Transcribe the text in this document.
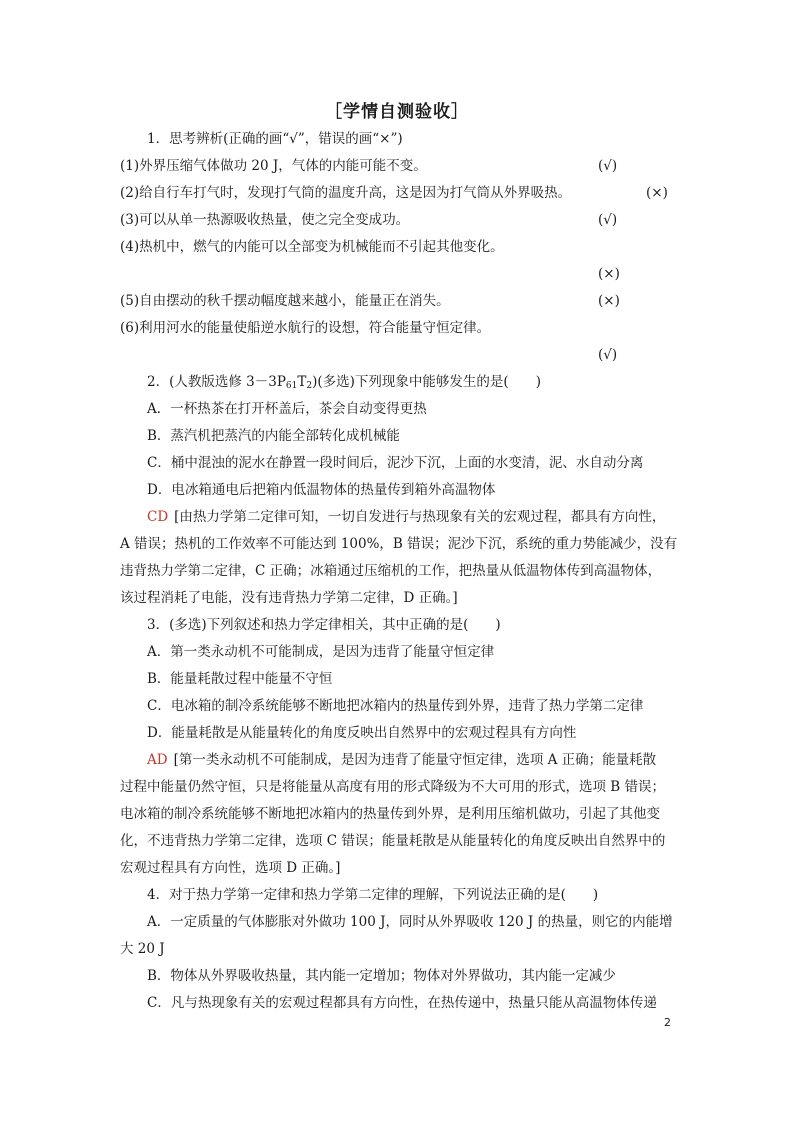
［学情自测验收］
1．思考辨析(正确的画“√”，错误的画“×”)
(1)外界压缩气体做功 20 J，气体的内能可能不变。	(√)
(2)给自行车打气时，发现打气筒的温度升高，这是因为打气筒从外界吸热。	(×)
(3)可以从单一热源吸收热量，使之完全变成功。	(√)
(4)热机中，燃气的内能可以全部变为机械能而不引起其他变化。
(×)
(5)自由摆动的秋千摆动幅度越来越小，能量正在消失。	(×)
(6)利用河水的能量使船逆水航行的设想，符合能量守恒定律。
(√)
2．(人教版选修 $3-3P_{61}T_2$)(多选)下列现象中能够发生的是(　　)
A．一杯热茶在打开杯盖后，茶会自动变得更热
B．蒸汽机把蒸汽的内能全部转化成机械能
C．桶中混浊的泥水在静置一段时间后，泥沙下沉，上面的水变清，泥、水自动分离
D．电冰箱通电后把箱内低温物体的热量传到箱外高温物体
CD [由热力学第二定律可知，一切自发进行与热现象有关的宏观过程，都具有方向性，
A 错误；热机的工作效率不可能达到 100%，B 错误；泥沙下沉，系统的重力势能减少，没有
违背热力学第二定律，C 正确；冰箱通过压缩机的工作，把热量从低温物体传到高温物体，
该过程消耗了电能，没有违背热力学第二定律，D 正确。]
3．(多选)下列叙述和热力学定律相关，其中正确的是(　　)
A．第一类永动机不可能制成，是因为违背了能量守恒定律
B．能量耗散过程中能量不守恒
C．电冰箱的制冷系统能够不断地把冰箱内的热量传到外界，违背了热力学第二定律
D．能量耗散是从能量转化的角度反映出自然界中的宏观过程具有方向性
AD [第一类永动机不可能制成，是因为违背了能量守恒定律，选项 A 正确；能量耗散
过程中能量仍然守恒，只是将能量从高度有用的形式降级为不大可用的形式，选项 B 错误；
电冰箱的制冷系统能够不断地把冰箱内的热量传到外界，是利用压缩机做功，引起了其他变
化，不违背热力学第二定律，选项 C 错误；能量耗散是从能量转化的角度反映出自然界中的
宏观过程具有方向性，选项 D 正确。]
4．对于热力学第一定律和热力学第二定律的理解，下列说法正确的是(　　)
A．一定质量的气体膨胀对外做功 100 J，同时从外界吸收 120 J 的热量，则它的内能增
大 20 J
B．物体从外界吸收热量，其内能一定增加；物体对外界做功，其内能一定减少
C．凡与热现象有关的宏观过程都具有方向性，在热传递中，热量只能从高温物体传递
2
